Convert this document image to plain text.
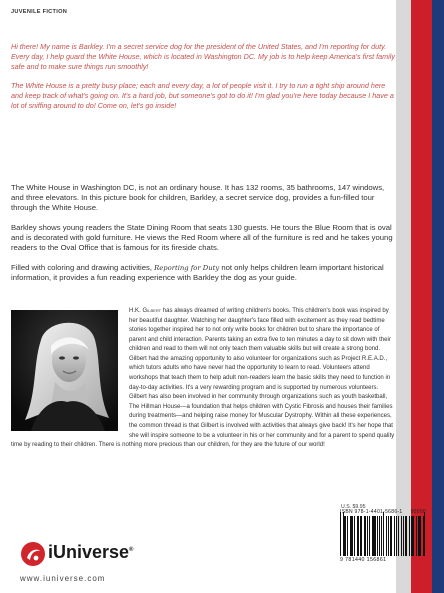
JUVENILE FICTION

Hi there! My name is Barkley. I'm a secret service dog for the president of the United States, and I'm reporting for duty. Every day, I help guard the White House, which is located in Washington DC. My job is to help keep America's first family safe and to make sure things run smoothly!

The White House is a pretty busy place; each and every day, a lot of people visit it. I try to run a tight ship around here and keep track of what's going on. It's a hard job, but someone's got to do it! I'm glad you're here today because I have a lot of sniffing around to do! Come on, let's go inside!

The White House in Washington DC, is not an ordinary house. It has 132 rooms, 35 bathrooms, 147 windows, and three elevators. In this picture book for children, Barkley, a secret service dog, provides a fun-filled tour through the White House.

Barkley shows young readers the State Dining Room that seats 130 guests. He tours the Blue Room that is oval and is decorated with gold furniture. He views the Red Room where all of the furniture is red and he takes young readers to the Oval Office that is famous for its fireside chats.

Filled with coloring and drawing activities, Reporting for Duty not only helps children learn important historical information, it provides a fun reading experience with Barkley the dog as your guide.

H.K. Gilbert has always dreamed of writing children's books. This children's book was inspired by her beautiful daughter. Watching her daughter's face filled with excitement as they read bedtime stories together inspired her to not only write books for children but to share the importance of parent and child interaction. Parents taking an extra five to ten minutes a day to sit down with their children and read to them will not only teach them valuable skills but will create a strong bond. Gilbert had the amazing opportunity to also volunteer for organizations such as Project R.E.A.D., which tutors adults who have never had the opportunity to learn to read. Volunteers attend workshops that teach them to help adult non-readers learn the basic skills they need to function in day-to-day activities. It's a very rewarding program and is supported by numerous volunteers. Gilbert has also been involved in her community through organizations such as youth basketball, The Hillman House—a foundation that helps children with Cystic Fibrosis and houses their families during treatments—and helping raise money for Muscular Dystrophy. Within all these experiences, the common thread is that Gilbert is involved with activities that always give back! It's her hope that she will inspire someone to be a volunteer in his or her community and for a parent to spend quality time by reading to their children. There is nothing more precious than our children, for they are the future of our world!
U.S. $9.95
ISBN 978-1-4401-5686-1 90000
9 781440 156861
iUniverse®
www.iuniverse.com
